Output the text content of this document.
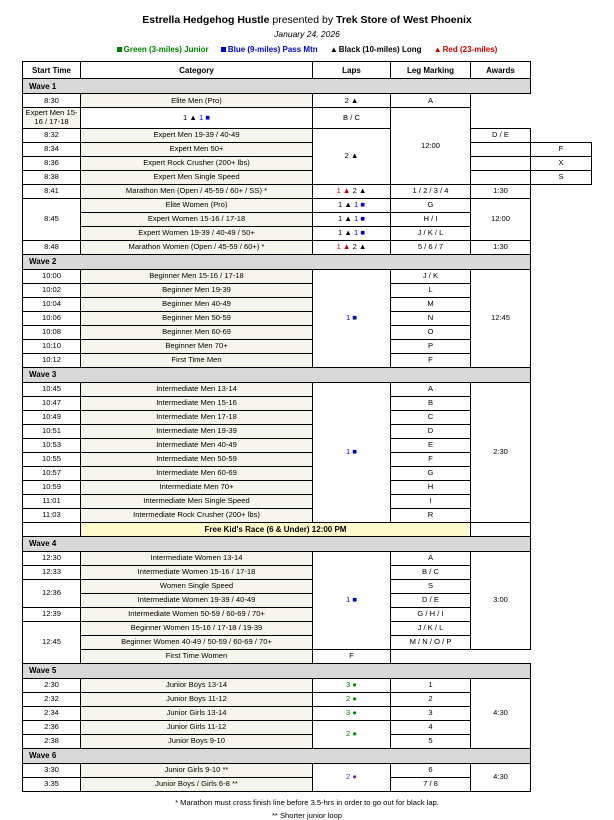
Estrella Hedgehog Hustle presented by Trek Store of West Phoenix
January 24, 2026
Green (3-miles) Junior Blue (9-miles) Pass Mtn ▲Black (10-miles) Long ▲Red (23-miles)
Start Time	Category	Laps	Leg Marking	Awards	
Wave 1					
8:30	Elite Men (Pro)	2 ▲	A		
Expert Men 15-16 / 17-18	1 ▲ 1 ■	B / C	12:00		
8:32	Expert Men 19-39 / 40-49	2 ▲		D / E	
8:34	Expert Men 50+				F
8:36	Expert Rock Crusher (200+ lbs)				X
8:38	Expert Men Single Speed				S
8:41	Marathon Men (Open / 45-59 / 60+ / SS) *	1 ▲ 2 ▲	1 / 2 / 3 / 4	1:30	
8:45	Elite Women (Pro)	1 ▲ 1 ■	G	12:00	
	Expert Women 15-16 / 17-18	1 ▲ 1 ■	H / I		
	Expert Women 19-39 / 40-49 / 50+	1 ▲ 1 ■	J / K / L		
8:48	Marathon Women (Open / 45-59 / 60+) *	1 ▲ 2 ▲	5 / 6 / 7	1:30	
Wave 2					
10:00	Beginner Men 15-16 / 17-18	1 ■	J / K	12:45	
10:02	Beginner Men 19-39		L		
10:04	Beginner Men 40-49		M		
10:06	Beginner Men 50-59		N		
10:08	Beginner Men 60-69		O		
10:10	Beginner Men 70+		P		
10:12	First Time Men		F		
Wave 3					
10:45	Intermediate Men 13-14	1 ■	A	2:30	
10:47	Intermediate Men 15-16		B		
10:49	Intermediate Men 17-18		C		
10:51	Intermediate Men 19-39		D		
10:53	Intermediate Men 40-49		E		
10:55	Intermediate Men 50-59		F		
10:57	Intermediate Men 60-69		G		
10:59	Intermediate Men 70+		H		
11:01	Intermediate Men Single Speed		I		
11:03	Intermediate Rock Crusher (200+ lbs)		R		
	Free Kid's Race (6 & Under) 12:00 PM				
Wave 4					
12:30	Intermediate Women 13-14	1 ■	A	3:00	
12:33	Intermediate Women 15-16 / 17-18		B / C		
12:36	Women Single Speed		S		
	Intermediate Women 19-39 / 40-49		D / E		
12:39	Intermediate Women 50-59 / 60-69 / 70+		G / H / I		
12:45	Beginner Women 15-16 / 17-18 / 19-39		J / K / L		
	Beginner Women 40-49 / 50-59 / 60-69 / 70+		M / N / O / P		
	First Time Women	F			
Wave 5					
2:30	Junior Boys 13-14	3 ●	1	4:30	
2:32	Junior Boys 11-12	2 ●	2		
2:34	Junior Girls 13-14	3 ●	3		
2:36	Junior Girls 11-12	2 ●	4		
2:38	Junior Boys 9-10		5		
Wave 6					
3:30	Junior Girls 9-10 **	2 ●	6	4:30	
3:35	Junior Boys / Girls 6-8 **		7 / 8		
* Marathon must cross finish line before 3.5-hrs in order to go out for black lap.
** Shorter junior loop
